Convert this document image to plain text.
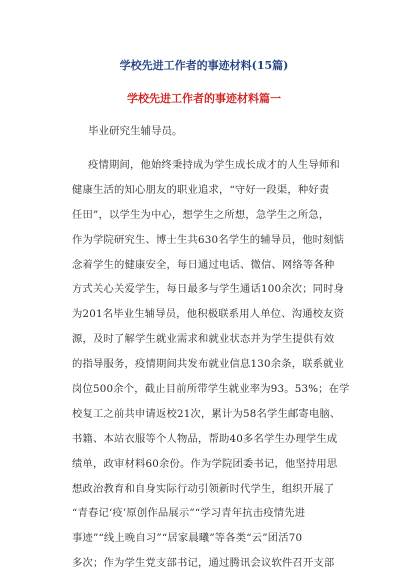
学校先进工作者的事迹材料(15篇)
学校先进工作者的事迹材料篇一
毕业研究生辅导员。
疫情期间，他始终秉持成为学生成长成才的人生导师和
健康生活的知心朋友的职业追求，“守好一段渠，种好责
任田”，以学生为中心，想学生之所想，急学生之所急，
作为学院研究生、博士生共630名学生的辅导员，他时刻惦
念着学生的健康安全，每日通过电话、微信、网络等各种
方式关心关爱学生，每日最多与学生通话100余次；同时身
为201名毕业生辅导员，他积极联系用人单位、沟通校友资
源，及时了解学生就业需求和就业状态并为学生提供有效
的指导服务，疫情期间共发布就业信息130余条，联系就业
岗位500余个，截止目前所带学生就业率为93。53%；在学
校复工之前共申请返校21次，累计为58名学生邮寄电脑、
书籍、本站衣服等个人物品，帮助40多名学生办理学生成
绩单，政审材料60余份。作为学院团委书记，他坚持用思
想政治教育和自身实际行动引领新时代学生，组织开展了
“青春记‘疫’原创作品展示”“学习青年抗击疫情先进
事迹”“线上晚自习”“居家晨曦”等各类“云”团活70
多次；作为学生党支部书记，通过腾讯会议软件召开支部
